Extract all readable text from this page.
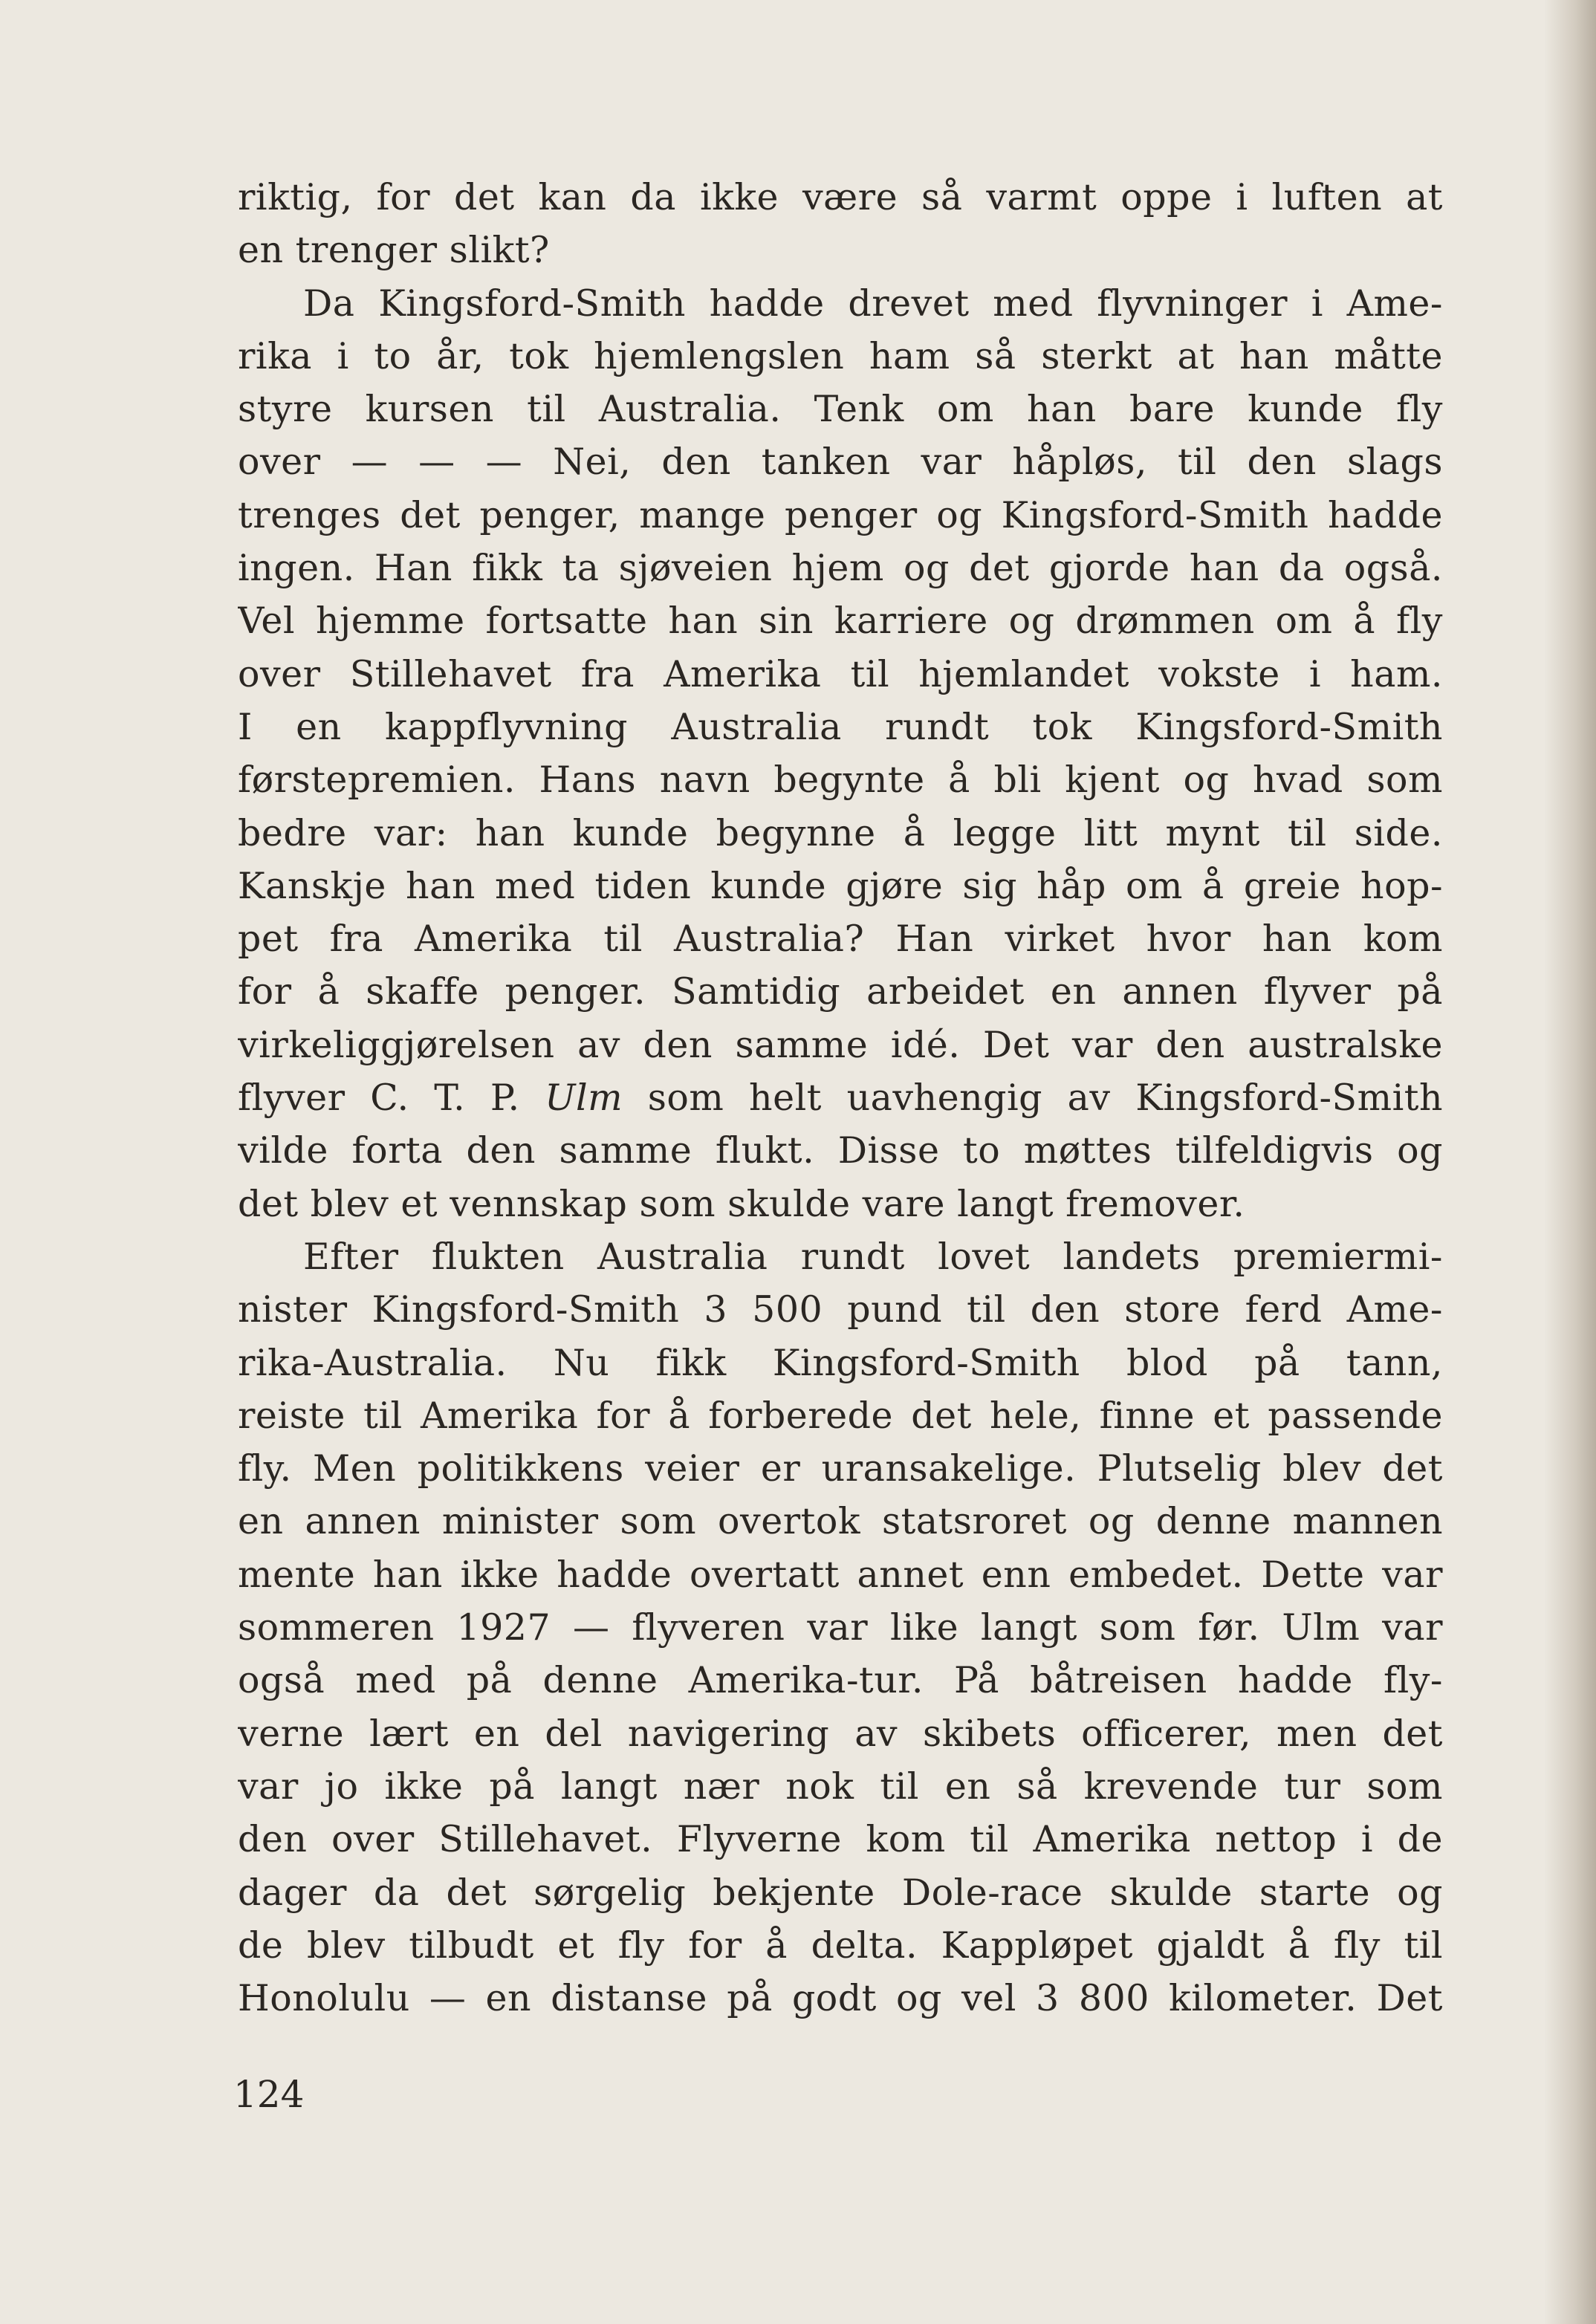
riktig, for det kan da ikke være så varmt oppe i luften at
en trenger slikt?
Da Kingsford-Smith hadde drevet med flyvninger i Ame-
rika i to år, tok hjemlengslen ham så sterkt at han måtte
styre kursen til Australia. Tenk om han bare kunde fly
over — — — Nei, den tanken var håpløs, til den slags
trenges det penger, mange penger og Kingsford-Smith hadde
ingen. Han fikk ta sjøveien hjem og det gjorde han da også.
Vel hjemme fortsatte han sin karriere og drømmen om å fly
over Stillehavet fra Amerika til hjemlandet vokste i ham.
I en kappflyvning Australia rundt tok Kingsford-Smith
førstepremien. Hans navn begynte å bli kjent og hvad som
bedre var: han kunde begynne å legge litt mynt til side.
Kanskje han med tiden kunde gjøre sig håp om å greie hop-
pet fra Amerika til Australia? Han virket hvor han kom
for å skaffe penger. Samtidig arbeidet en annen flyver på
virkeliggjørelsen av den samme idé. Det var den australske
flyver C. T. P. Ulm som helt uavhengig av Kingsford-Smith
vilde forta den samme flukt. Disse to møttes tilfeldigvis og
det blev et vennskap som skulde vare langt fremover.
Efter flukten Australia rundt lovet landets premiermi-
nister Kingsford-Smith 3 500 pund til den store ferd Ame-
rika-Australia. Nu fikk Kingsford-Smith blod på tann,
reiste til Amerika for å forberede det hele, finne et passende
fly. Men politikkens veier er uransakelige. Plutselig blev det
en annen minister som overtok statsroret og denne mannen
mente han ikke hadde overtatt annet enn embedet. Dette var
sommeren 1927 — flyveren var like langt som før. Ulm var
også med på denne Amerika-tur. På båtreisen hadde fly-
verne lært en del navigering av skibets officerer, men det
var jo ikke på langt nær nok til en så krevende tur som
den over Stillehavet. Flyverne kom til Amerika nettop i de
dager da det sørgelig bekjente Dole-race skulde starte og
de blev tilbudt et fly for å delta. Kappløpet gjaldt å fly til
Honolulu — en distanse på godt og vel 3 800 kilometer. Det
124
